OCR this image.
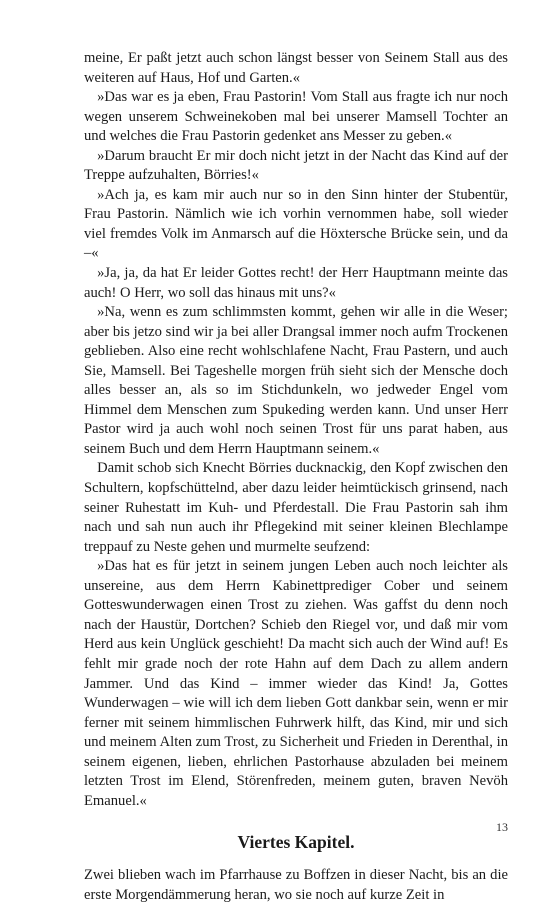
meine, Er paßt jetzt auch schon längst besser von Seinem Stall aus des weiteren auf Haus, Hof und Garten.«

»Das war es ja eben, Frau Pastorin! Vom Stall aus fragte ich nur noch wegen unserem Schweinekoben mal bei unserer Mamsell Tochter an und welches die Frau Pastorin gedenket ans Messer zu geben.«

»Darum braucht Er mir doch nicht jetzt in der Nacht das Kind auf der Treppe aufzuhalten, Börries!«

»Ach ja, es kam mir auch nur so in den Sinn hinter der Stubentür, Frau Pastorin. Nämlich wie ich vorhin vernommen habe, soll wieder viel fremdes Volk im Anmarsch auf die Höxtersche Brücke sein, und da –«

»Ja, ja, da hat Er leider Gottes recht! der Herr Hauptmann meinte das auch! O Herr, wo soll das hinaus mit uns?«

»Na, wenn es zum schlimmsten kommt, gehen wir alle in die Weser; aber bis jetzo sind wir ja bei aller Drangsal immer noch aufm Trockenen geblieben. Also eine recht wohlschlafene Nacht, Frau Pastern, und auch Sie, Mamsell. Bei Tageshelle morgen früh sieht sich der Mensche doch alles besser an, als so im Stichdunkeln, wo jedweder Engel vom Himmel dem Menschen zum Spukeding werden kann. Und unser Herr Pastor wird ja auch wohl noch seinen Trost für uns parat haben, aus seinem Buch und dem Herrn Hauptmann seinem.«

Damit schob sich Knecht Börries ducknackig, den Kopf zwischen den Schultern, kopfschüttelnd, aber dazu leider heimtückisch grinsend, nach seiner Ruhestatt im Kuh- und Pferdestall. Die Frau Pastorin sah ihm nach und sah nun auch ihr Pflegekind mit seiner kleinen Blechlampe treppauf zu Neste gehen und murmelte seufzend:

»Das hat es für jetzt in seinem jungen Leben auch noch leichter als unsereine, aus dem Herrn Kabinettprediger Cober und seinem Gotteswunderwagen einen Trost zu ziehen. Was gaffst du denn noch nach der Haustür, Dortchen? Schieb den Riegel vor, und daß mir vom Herd aus kein Unglück geschieht! Da macht sich auch der Wind auf! Es fehlt mir grade noch der rote Hahn auf dem Dach zu allem andern Jammer. Und das Kind – immer wieder das Kind! Ja, Gottes Wunderwagen – wie will ich dem lieben Gott dankbar sein, wenn er mir ferner mit seinem himmlischen Fuhrwerk hilft, das Kind, mir und sich und meinem Alten zum Trost, zu Sicherheit und Frieden in Derenthal, in seinem eigenen, lieben, ehrlichen Pastorhause abzuladen bei meinem letzten Trost im Elend, Störenfreden, meinem guten, braven Nevöh Emanuel.«

Viertes Kapitel.

Zwei blieben wach im Pfarrhause zu Boffzen in dieser Nacht, bis an die erste Morgendämmerung heran, wo sie noch auf kurze Zeit in

13
